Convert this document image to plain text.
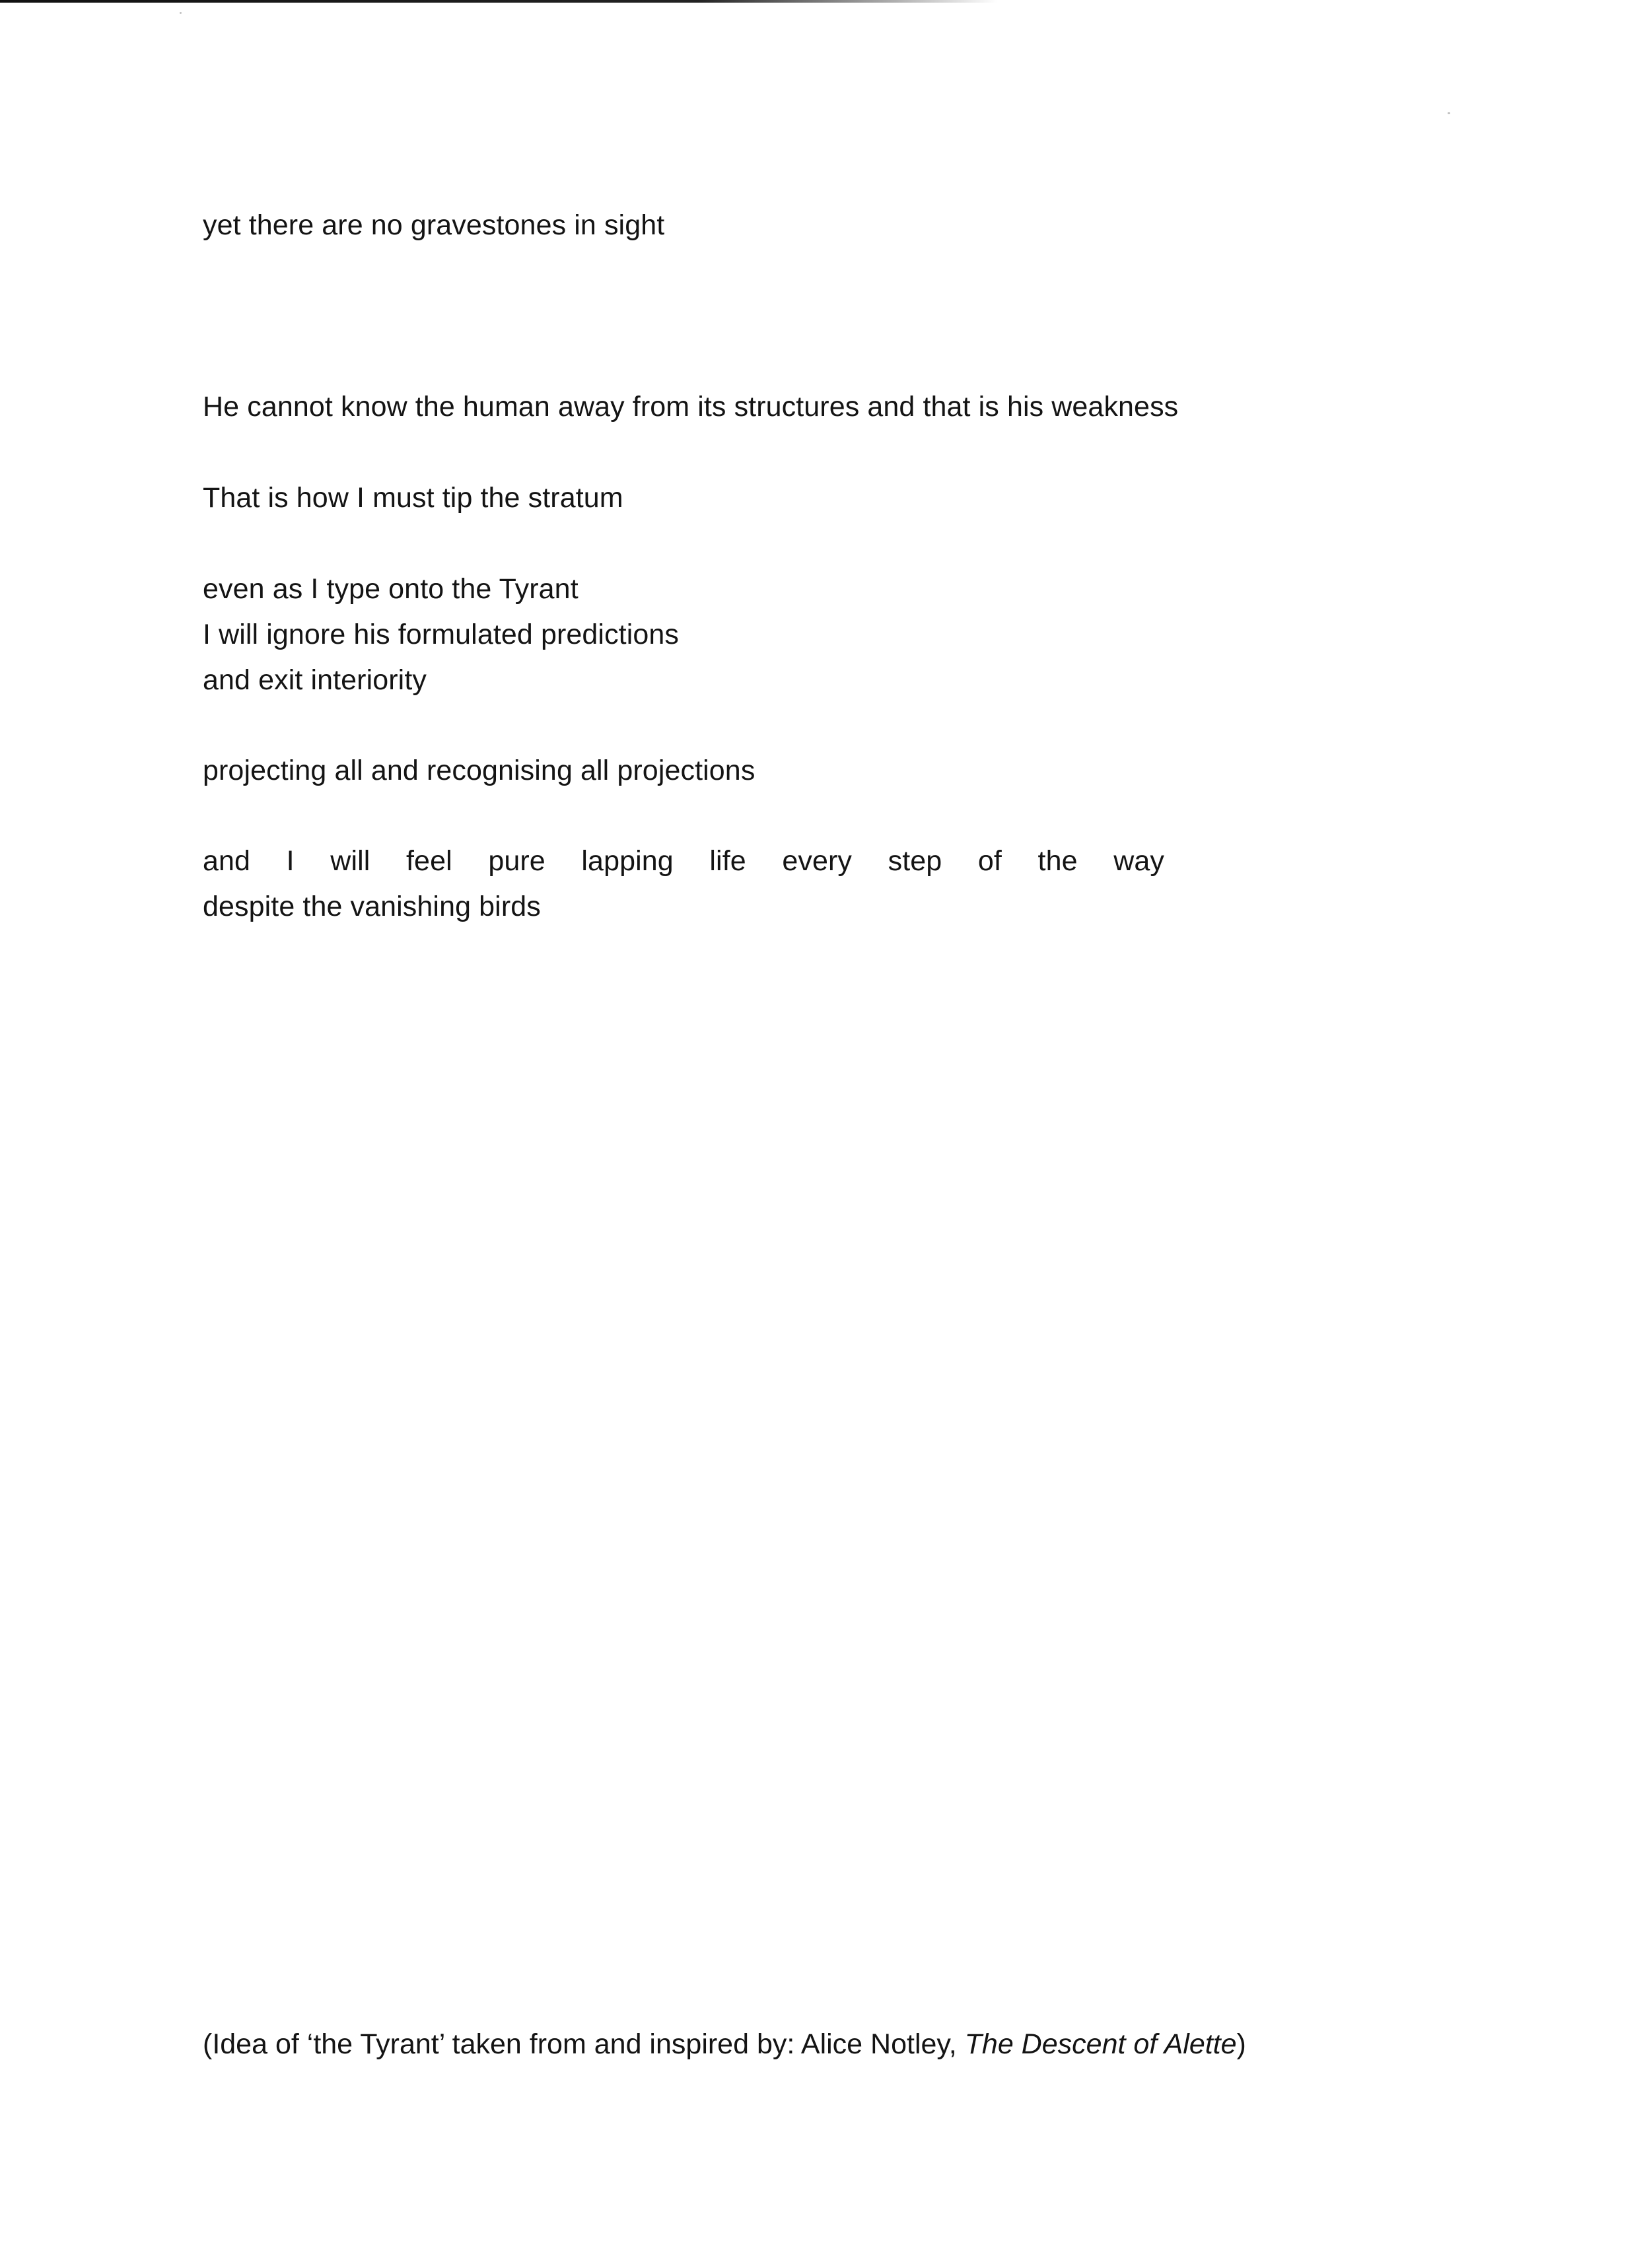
yet there are no gravestones in sight
He cannot know the human away from its structures and that is his weakness
That is how I must tip the stratum
even as I type onto the Tyrant
I will ignore his formulated predictions
and exit interiority
projecting all and recognising all projections
and I will feel pure lapping life every step of the way
despite the vanishing birds
(Idea of ‘the Tyrant’ taken from and inspired by: Alice Notley, The Descent of Alette)
